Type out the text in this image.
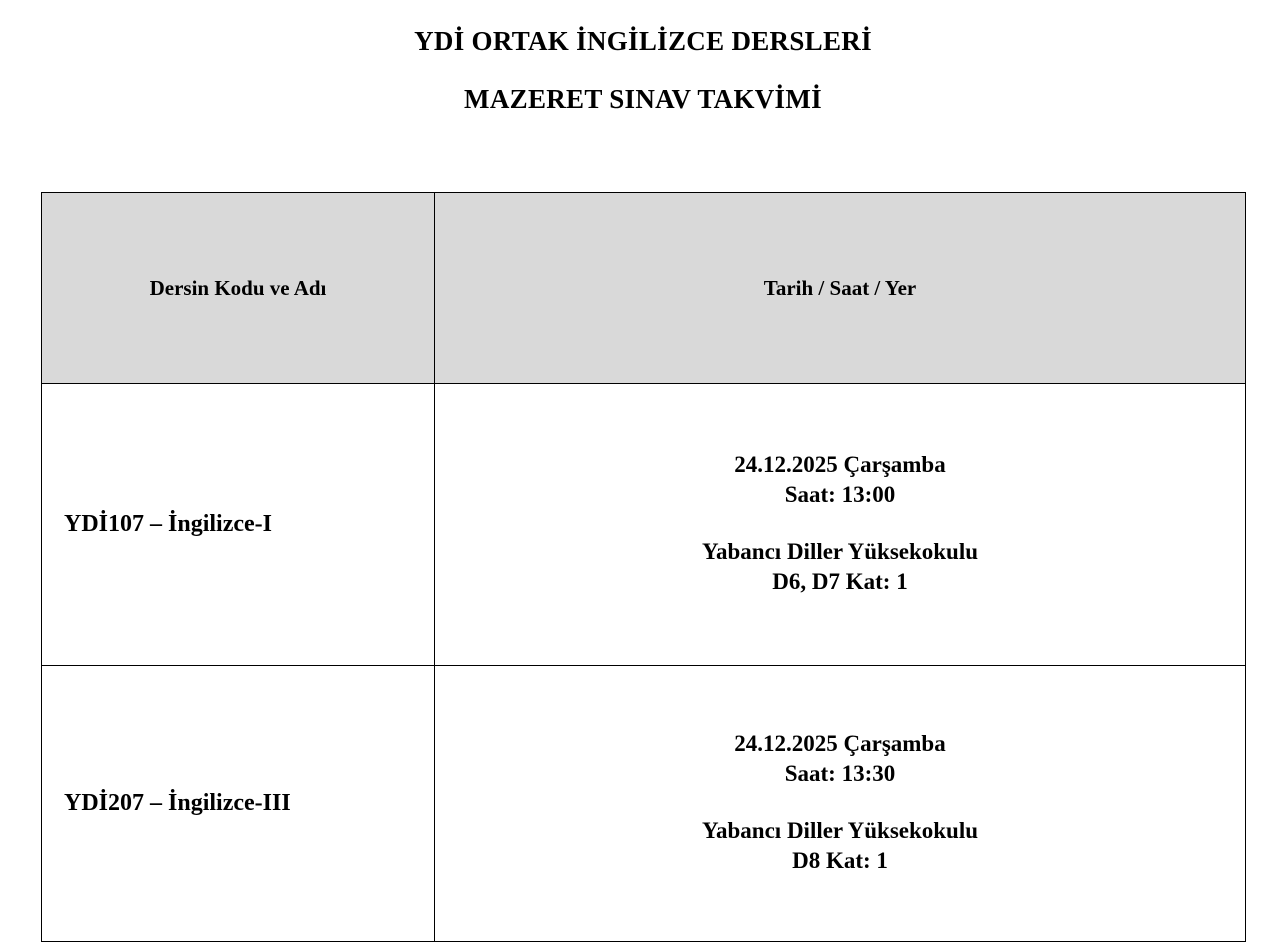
YDİ ORTAK İNGİLİZCE DERSLERİ
MAZERET SINAV TAKVİMİ
Dersin Kodu ve Adı	Tarih / Saat / Yer
YDİ107 – İngilizce-I	24.12.2025 Çarşamba
Saat: 13:00
Yabancı Diller Yüksekokulu
D6, D7 Kat: 1

YDİ207 – İngilizce-III	24.12.2025 Çarşamba
Saat: 13:30
Yabancı Diller Yüksekokulu
D8 Kat: 1
